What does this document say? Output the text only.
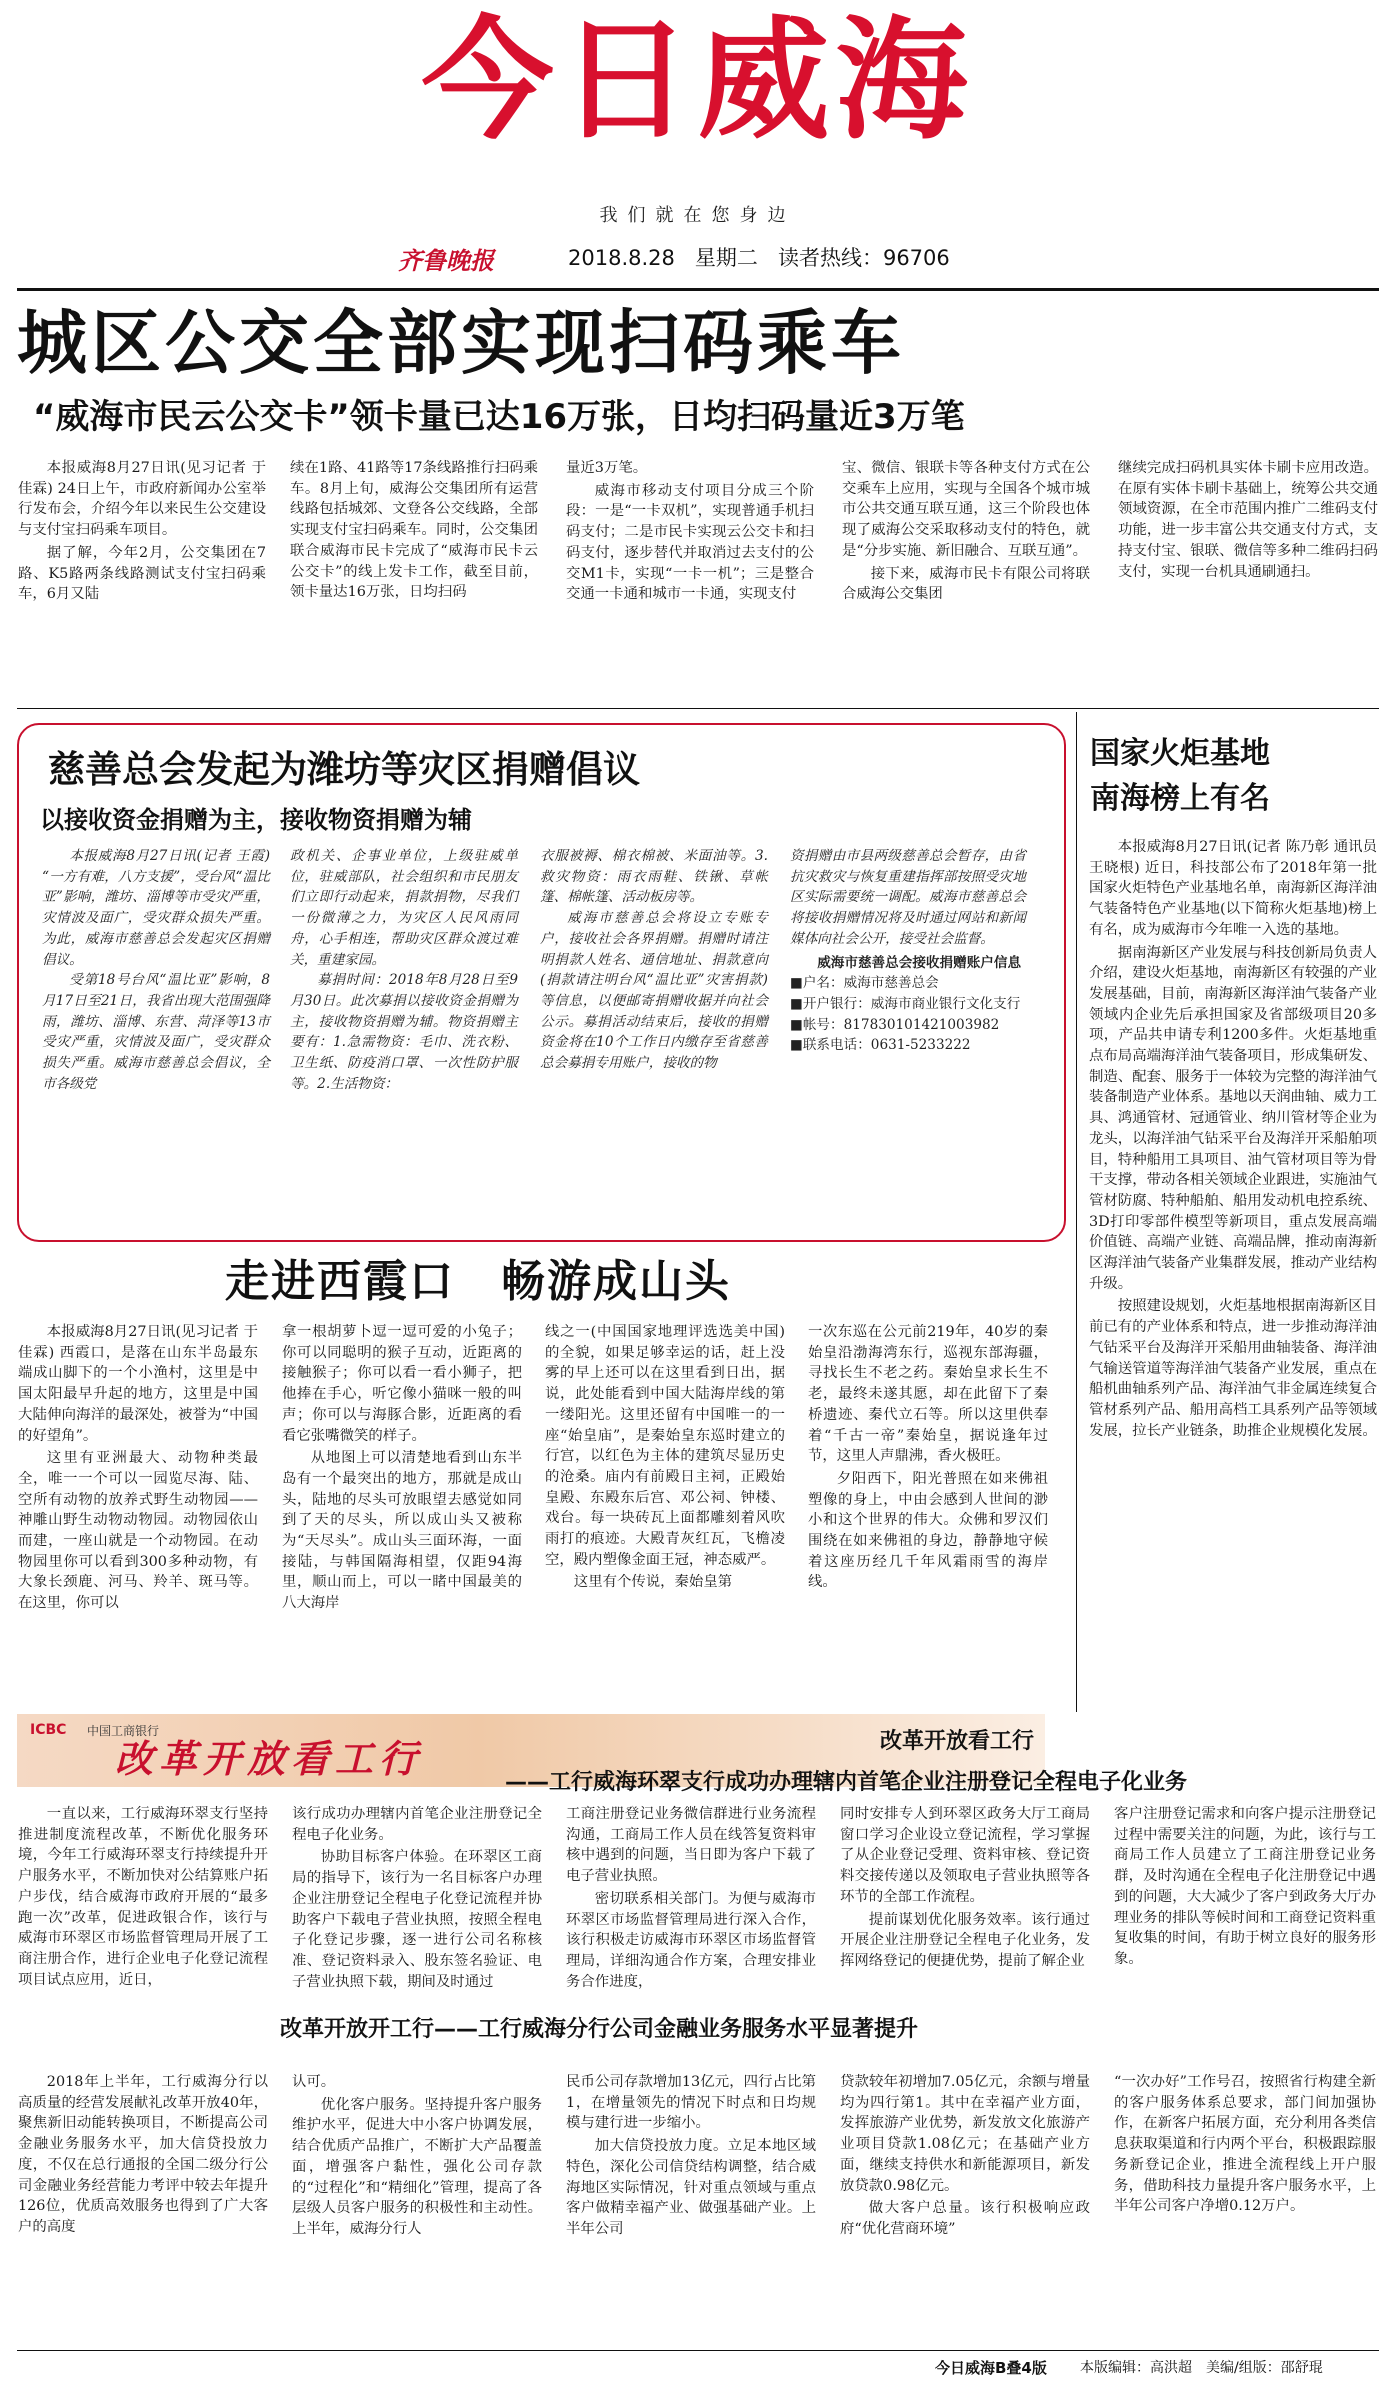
今日威海
我们就在您身边
齐鲁晚报	2018.8.28 星期二 读者热线：96706
城区公交全部实现扫码乘车
“威海市民云公交卡”领卡量已达16万张，日均扫码量近3万笔

本报威海8月27日讯(见习记者 于佳霖) 24日上午，市政府新闻办公室举行发布会，介绍今年以来民生公交建设与支付宝扫码乘车项目。

据了解，今年2月，公交集团在7路、K5路两条线路测试支付宝扫码乘车，6月又陆

续在1路、41路等17条线路推行扫码乘车。8月上旬，威海公交集团所有运营线路包括城郊、文登各公交线路，全部实现支付宝扫码乘车。同时，公交集团联合威海市民卡完成了“威海市民卡云公交卡”的线上发卡工作，截至目前，领卡量达16万张，日均扫码

量近3万笔。

威海市移动支付项目分成三个阶段：一是“一卡双机”，实现普通手机扫码支付；二是市民卡实现云公交卡和扫码支付，逐步替代并取消过去支付的公交M1卡，实现“一卡一机”；三是整合交通一卡通和城市一卡通，实现支付

宝、微信、银联卡等各种支付方式在公交乘车上应用，实现与全国各个城市城市公共交通互联互通，这三个阶段也体现了威海公交采取移动支付的特色，就是“分步实施、新旧融合、互联互通”。

接下来，威海市民卡有限公司将联合威海公交集团

继续完成扫码机具实体卡刷卡应用改造。在原有实体卡刷卡基础上，统筹公共交通领域资源，在全市范围内推广二维码支付功能，进一步丰富公共交通支付方式，支持支付宝、银联、微信等多种二维码扫码支付，实现一台机具通刷通扫。

慈善总会发起为潍坊等灾区捐赠倡议
以接收资金捐赠为主，接收物资捐赠为辅

本报威海8月27日讯(记者 王霞) “一方有难，八方支援”，受台风“温比亚”影响，潍坊、淄博等市受灾严重，灾情波及面广，受灾群众损失严重。为此，威海市慈善总会发起灾区捐赠倡议。

受第18号台风“温比亚”影响，8月17日至21日，我省出现大范围强降雨，潍坊、淄博、东营、菏泽等13市受灾严重，灾情波及面广，受灾群众损失严重。威海市慈善总会倡议，全市各级党

政机关、企事业单位，上级驻威单位，驻威部队，社会组织和市民朋友们立即行动起来，捐款捐物，尽我们一份微薄之力，为灾区人民风雨同舟，心手相连，帮助灾区群众渡过难关，重建家园。

募捐时间：2018年8月28日至9月30日。此次募捐以接收资金捐赠为主，接收物资捐赠为辅。物资捐赠主要有：1.急需物资：毛巾、洗衣粉、卫生纸、防疫消口罩、一次性防护服等。2.生活物资：

衣服被褥、棉衣棉被、米面油等。3.救灾物资：雨衣雨鞋、铁锹、草帐篷、棉帐篷、活动板房等。

威海市慈善总会将设立专账专户，接收社会各界捐赠。捐赠时请注明捐款人姓名、通信地址、捐款意向(捐款请注明台风“温比亚”灾害捐款)等信息，以便邮寄捐赠收据并向社会公示。募捐活动结束后，接收的捐赠资金将在10个工作日内缴存至省慈善总会募捐专用账户，接收的物

资捐赠由市县两级慈善总会暂存，由省抗灾救灾与恢复重建指挥部按照受灾地区实际需要统一调配。威海市慈善总会将接收捐赠情况将及时通过网站和新闻媒体向社会公开，接受社会监督。

威海市慈善总会接收捐赠账户信息

■户名：威海市慈善总会

■开户银行：威海市商业银行文化支行

■帐号：817830101421003982

■联系电话：0631-5233222

国家火炬基地
南海榜上有名

本报威海8月27日讯(记者 陈乃彰 通讯员 王晓根) 近日，科技部公布了2018年第一批国家火炬特色产业基地名单，南海新区海洋油气装备特色产业基地(以下简称火炬基地)榜上有名，成为威海市今年唯一入选的基地。

据南海新区产业发展与科技创新局负责人介绍，建设火炬基地，南海新区有较强的产业发展基础，目前，南海新区海洋油气装备产业领域内企业先后承担国家及省部级项目20多项，产品共申请专利1200多件。火炬基地重点布局高端海洋油气装备项目，形成集研发、制造、配套、服务于一体较为完整的海洋油气装备制造产业体系。基地以天润曲轴、威力工具、鸿通管材、冠通管业、纳川管材等企业为龙头，以海洋油气钻采平台及海洋开采船舶项目，特种船用工具项目、油气管材项目等为骨干支撑，带动各相关领域企业跟进，实施油气管材防腐、特种船舶、船用发动机电控系统、3D打印零部件模型等新项目，重点发展高端价值链、高端产业链、高端品牌，推动南海新区海洋油气装备产业集群发展，推动产业结构升级。

按照建设规划，火炬基地根据南海新区目前已有的产业体系和特点，进一步推动海洋油气钻采平台及海洋开采船用曲轴装备、海洋油气输送管道等海洋油气装备产业发展，重点在船机曲轴系列产品、海洋油气非金属连续复合管材系列产品、船用高档工具系列产品等领域发展，拉长产业链条，助推企业规模化发展。

走进西霞口　畅游成山头

本报威海8月27日讯(见习记者 于佳霖) 西霞口，是落在山东半岛最东端成山脚下的一个小渔村，这里是中国太阳最早升起的地方，这里是中国大陆伸向海洋的最深处，被誉为“中国的好望角”。

这里有亚洲最大、动物种类最全，唯一一个可以一园览尽海、陆、空所有动物的放养式野生动物园——神雕山野生动物动物园。动物园依山而建，一座山就是一个动物园。在动物园里你可以看到300多种动物，有大象长颈鹿、河马、羚羊、斑马等。在这里，你可以

拿一根胡萝卜逗一逗可爱的小兔子；你可以同聪明的猴子互动，近距离的接触猴子；你可以看一看小狮子，把他捧在手心，听它像小猫咪一般的叫声；你可以与海豚合影，近距离的看看它张嘴微笑的样子。

从地图上可以清楚地看到山东半岛有一个最突出的地方，那就是成山头，陆地的尽头可放眼望去感觉如同到了天的尽头，所以成山头又被称为“天尽头”。成山头三面环海，一面接陆，与韩国隔海相望，仅距94海里，顺山而上，可以一睹中国最美的八大海岸

线之一(中国国家地理评选选美中国)的全貌，如果足够幸运的话，赶上没雾的早上还可以在这里看到日出，据说，此处能看到中国大陆海岸线的第一缕阳光。这里还留有中国唯一的一座“始皇庙”，是秦始皇东巡时建立的行宫，以红色为主体的建筑尽显历史的沧桑。庙内有前殿日主祠，正殿始皇殿、东殿东后宫、邓公祠、钟楼、戏台。每一块砖瓦上面都雕刻着风吹雨打的痕迹。大殿青灰红瓦，飞檐凌空，殿内塑像金面王冠，神态威严。

这里有个传说，秦始皇第

一次东巡在公元前219年，40岁的秦始皇沿渤海湾东行，巡视东部海疆，寻找长生不老之药。秦始皇求长生不老，最终未遂其愿，却在此留下了秦桥遗迹、秦代立石等。所以这里供奉着“千古一帝”秦始皇，据说逢年过节，这里人声鼎沸，香火极旺。

夕阳西下，阳光普照在如来佛祖塑像的身上，中由会感到人世间的渺小和这个世界的伟大。众佛和罗汉们围绕在如来佛祖的身边，静静地守候着这座历经几千年风霜雨雪的海岸线。

ICBC 中国工商银行
改革开放看工行	改革开放看工行
——工行威海环翠支行成功办理辖内首笔企业注册登记全程电子化业务

一直以来，工行威海环翠支行坚持推进制度流程改革，不断优化服务环境，今年工行威海环翠支行持续提升开户服务水平，不断加快对公结算账户拓户步伐，结合威海市政府开展的“最多跑一次”改革，促进政银合作，该行与威海市环翠区市场监督管理局开展了工商注册合作，进行企业电子化登记流程项目试点应用，近日，

该行成功办理辖内首笔企业注册登记全程电子化业务。

协助目标客户体验。在环翠区工商局的指导下，该行为一名目标客户办理企业注册登记全程电子化登记流程并协助客户下载电子营业执照，按照全程电子化登记步骤，逐一进行公司名称核准、登记资料录入、股东签名验证、电子营业执照下载，期间及时通过

工商注册登记业务微信群进行业务流程沟通，工商局工作人员在线答复资料审核中遇到的问题，当日即为客户下载了电子营业执照。

密切联系相关部门。为便与威海市环翠区市场监督管理局进行深入合作，该行积极走访威海市环翠区市场监督管理局，详细沟通合作方案，合理安排业务合作进度，

同时安排专人到环翠区政务大厅工商局窗口学习企业设立登记流程，学习掌握了从企业登记受理、资料审核、登记资料交接传递以及领取电子营业执照等各环节的全部工作流程。

提前谋划优化服务效率。该行通过开展企业注册登记全程电子化业务，发挥网络登记的便捷优势，提前了解企业

客户注册登记需求和向客户提示注册登记过程中需要关注的问题，为此，该行与工商局工作人员建立了工商注册登记业务群，及时沟通在全程电子化注册登记中遇到的问题，大大减少了客户到政务大厅办理业务的排队等候时间和工商登记资料重复收集的时间，有助于树立良好的服务形象。

改革开放开工行——工行威海分行公司金融业务服务水平显著提升

2018年上半年，工行威海分行以高质量的经营发展献礼改革开放40年，聚焦新旧动能转换项目，不断提高公司金融业务服务水平，加大信贷投放力度，不仅在总行通报的全国二级分行公司金融业务经营能力考评中较去年提升126位，优质高效服务也得到了广大客户的高度

认可。

优化客户服务。坚持提升客户服务维护水平，促进大中小客户协调发展，结合优质产品推广，不断扩大产品覆盖面，增强客户黏性，强化公司存款的“过程化”和“精细化”管理，提高了各层级人员客户服务的积极性和主动性。上半年，威海分行人

民币公司存款增加13亿元，四行占比第1，在增量领先的情况下时点和日均规模与建行进一步缩小。

加大信贷投放力度。立足本地区域特色，深化公司信贷结构调整，结合威海地区实际情况，针对重点领域与重点客户做精幸福产业、做强基础产业。上半年公司

贷款较年初增加7.05亿元，余额与增量均为四行第1。其中在幸福产业方面，发挥旅游产业优势，新发放文化旅游产业项目贷款1.08亿元；在基础产业方面，继续支持供水和新能源项目，新发放贷款0.98亿元。

做大客户总量。该行积极响应政府“优化营商环境”

“一次办好”工作号召，按照省行构建全新的客户服务体系总要求，部门间加强协作，在新客户拓展方面，充分利用各类信息获取渠道和行内两个平台，积极跟踪服务新登记企业，推进全流程线上开户服务，借助科技力量提升客户服务水平，上半年公司客户净增0.12万户。

今日威海B叠4版 本版编辑：高洪超　美编/组版：邵舒琨
